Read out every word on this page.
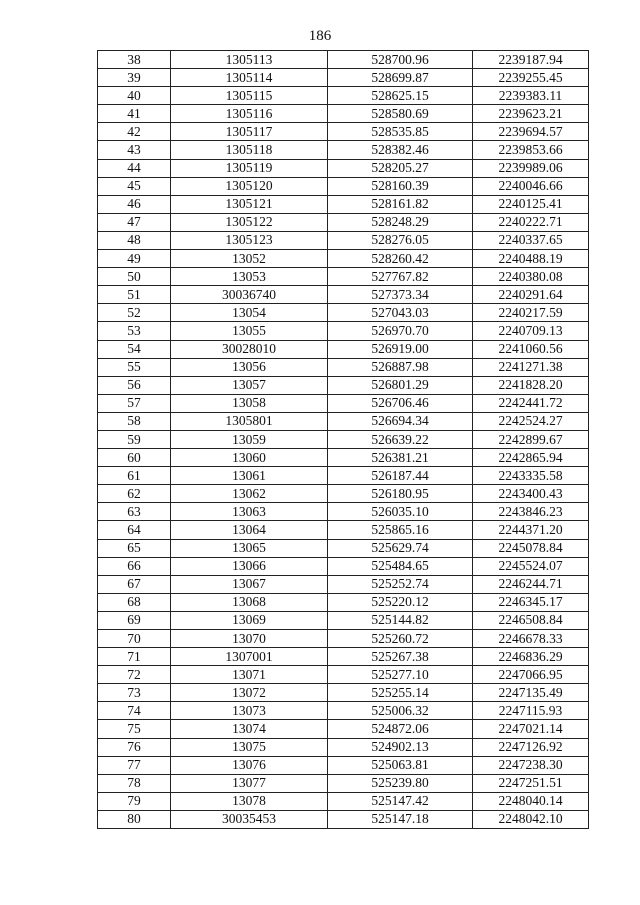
186
38	1305113	528700.96	2239187.94
39	1305114	528699.87	2239255.45
40	1305115	528625.15	2239383.11
41	1305116	528580.69	2239623.21
42	1305117	528535.85	2239694.57
43	1305118	528382.46	2239853.66
44	1305119	528205.27	2239989.06
45	1305120	528160.39	2240046.66
46	1305121	528161.82	2240125.41
47	1305122	528248.29	2240222.71
48	1305123	528276.05	2240337.65
49	13052	528260.42	2240488.19
50	13053	527767.82	2240380.08
51	30036740	527373.34	2240291.64
52	13054	527043.03	2240217.59
53	13055	526970.70	2240709.13
54	30028010	526919.00	2241060.56
55	13056	526887.98	2241271.38
56	13057	526801.29	2241828.20
57	13058	526706.46	2242441.72
58	1305801	526694.34	2242524.27
59	13059	526639.22	2242899.67
60	13060	526381.21	2242865.94
61	13061	526187.44	2243335.58
62	13062	526180.95	2243400.43
63	13063	526035.10	2243846.23
64	13064	525865.16	2244371.20
65	13065	525629.74	2245078.84
66	13066	525484.65	2245524.07
67	13067	525252.74	2246244.71
68	13068	525220.12	2246345.17
69	13069	525144.82	2246508.84
70	13070	525260.72	2246678.33
71	1307001	525267.38	2246836.29
72	13071	525277.10	2247066.95
73	13072	525255.14	2247135.49
74	13073	525006.32	2247115.93
75	13074	524872.06	2247021.14
76	13075	524902.13	2247126.92
77	13076	525063.81	2247238.30
78	13077	525239.80	2247251.51
79	13078	525147.42	2248040.14
80	30035453	525147.18	2248042.10
